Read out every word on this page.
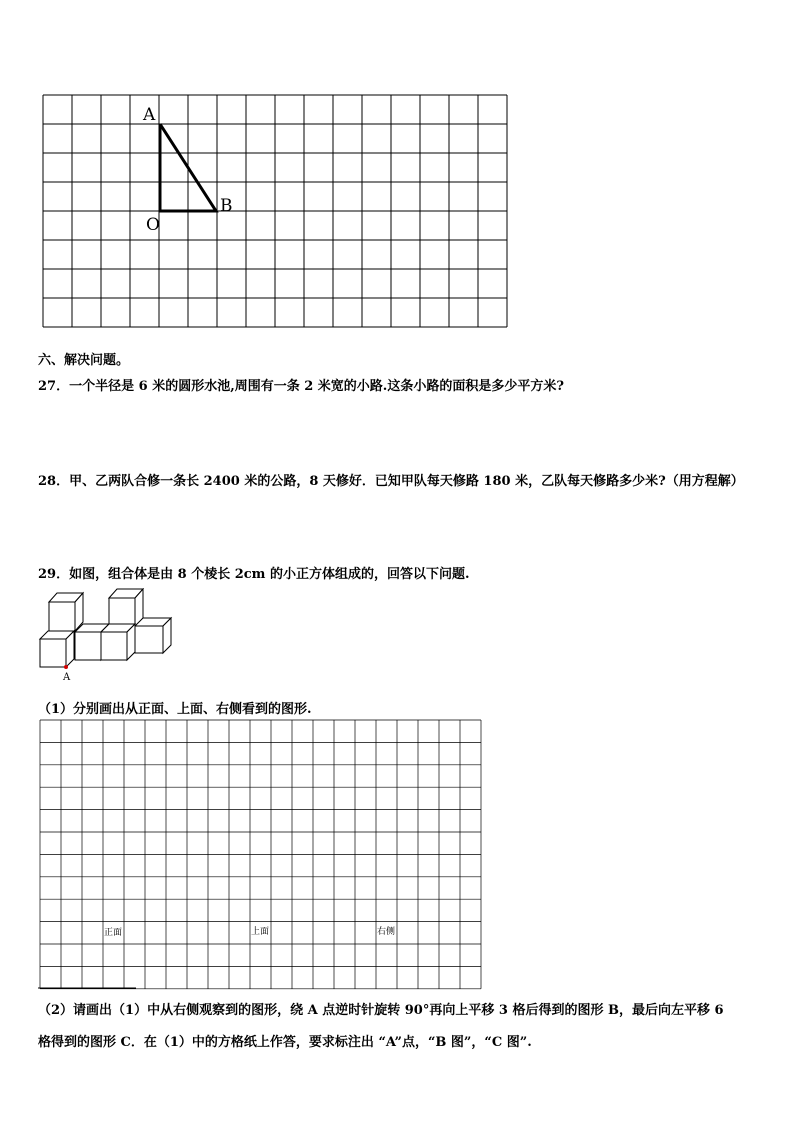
A
B
O
六、解决问题。
27．一个半径是 6 米的圆形水池,周围有一条 2 米宽的小路.这条小路的面积是多少平方米?
28．甲、乙两队合修一条长 2400 米的公路，8 天修好．已知甲队每天修路 180 米，乙队每天修路多少米?（用方程解）
29．如图，组合体是由 8 个棱长 2cm 的小正方体组成的，回答以下问题.
A
（1）分别画出从正面、上面、右侧看到的图形.
正面	上面	右侧
（2）请画出（1）中从右侧观察到的图形，绕 A 点逆时针旋转 90°再向上平移 3 格后得到的图形 B，最后向左平移 6
格得到的图形 C．在（1）中的方格纸上作答，要求标注出 “A”点，“B 图”，“C 图”.
